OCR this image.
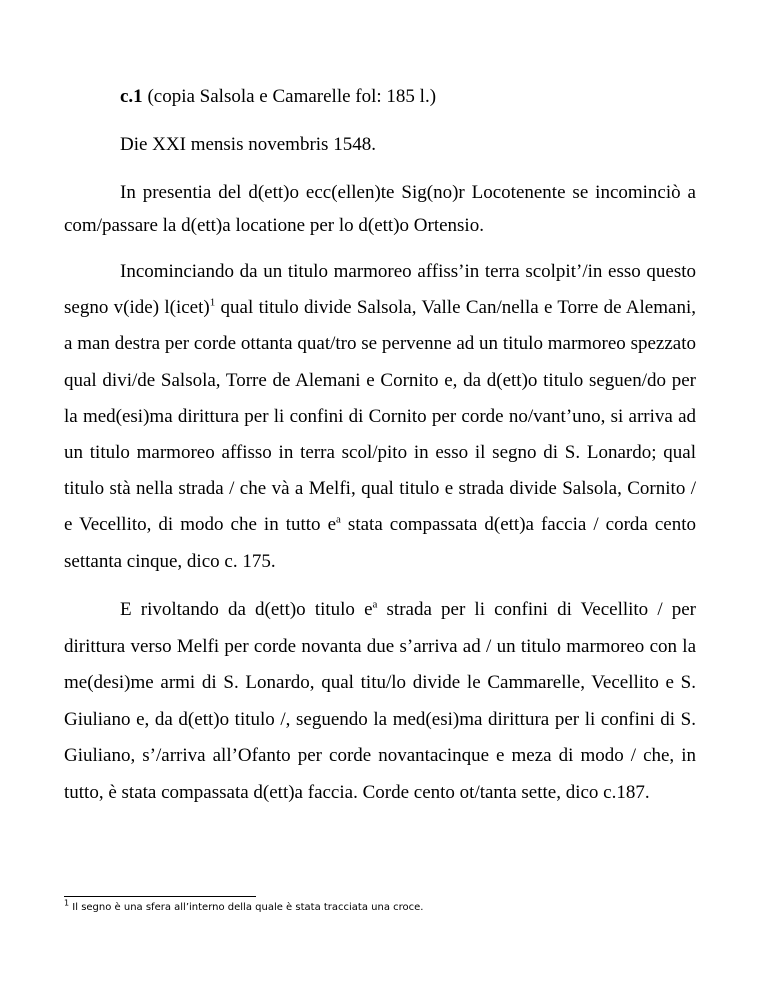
c.1 (copia Salsola e Camarelle fol: 185 l.)
Die XXI mensis novembris 1548.

In presentia del d(ett)o ecc(ellen)te Sig(no)r Locotenente se incominciò a com/passare la d(ett)a locatione per lo d(ett)o Ortensio.

Incominciando da un titulo marmoreo affiss’in terra scolpit’/in esso questo segno v(ide) l(icet)$^1$ qual titulo divide Salsola, Valle Can/nella e Torre de Alemani, a man destra per corde ottanta quat/tro se pervenne ad un titulo marmoreo spezzato qual divi/de Salsola, Torre de Alemani e Cornito e, da d(ett)o titulo seguen/do per la med(esi)ma dirittura per li confini di Cornito per corde no/vant’uno, si arriva ad un titulo marmoreo affisso in terra scol/pito in esso il segno di S. Lonardo; qual titulo stà nella strada / che và a Melfi, qual titulo e strada divide Salsola, Cornito / e Vecellito, di modo che in tutto $e^a$ stata compassata d(ett)a faccia / corda cento settanta cinque, dico c. 175.

E rivoltando da d(ett)o titulo $e^a$ strada per li confini di Vecellito / per dirittura verso Melfi per corde novanta due s’arriva ad / un titulo marmoreo con la me(desi)me armi di S. Lonardo, qual titu/lo divide le Cammarelle, Vecellito e S. Giuliano e, da d(ett)o titulo /, seguendo la med(esi)ma dirittura per li confini di S. Giuliano, s’/arriva all’Ofanto per corde novantacinque e meza di modo / che, in tutto, è stata compassata d(ett)a faccia. Corde cento ot/tanta sette, dico c.187.

$^1$ Il segno è una sfera all’interno della quale è stata tracciata una croce.
